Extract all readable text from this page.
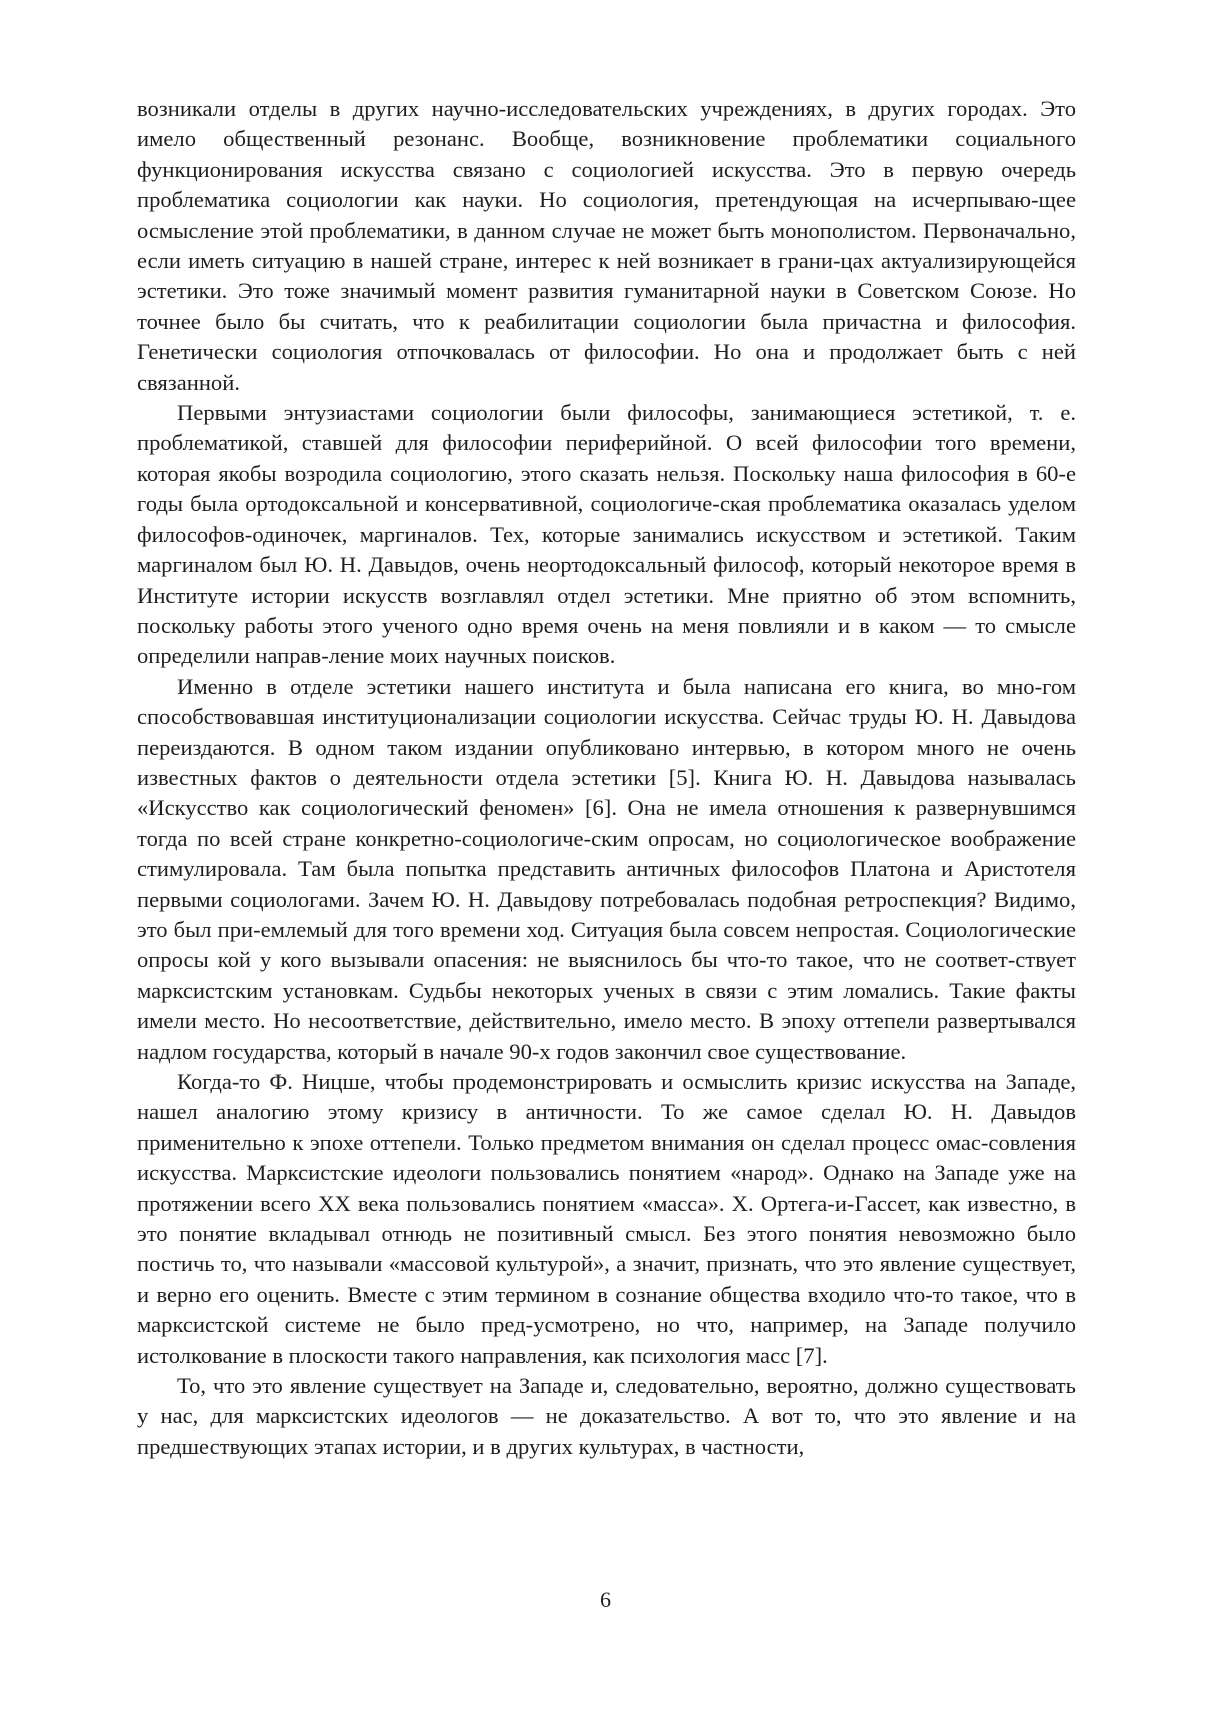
возникали отделы в других научно-исследовательских учреждениях, в других городах. Это имело общественный резонанс. Вообще, возникновение проблематики социального функционирования искусства связано с социологией искусства. Это в первую очередь проблематика социологии как науки. Но социология, претендующая на исчерпываю-щее осмысление этой проблематики, в данном случае не может быть монополистом. Первоначально, если иметь ситуацию в нашей стране, интерес к ней возникает в грани-цах актуализирующейся эстетики. Это тоже значимый момент развития гуманитарной науки в Советском Союзе. Но точнее было бы считать, что к реабилитации социологии была причастна и философия. Генетически социология отпочковалась от философии. Но она и продолжает быть с ней связанной.

Первыми энтузиастами социологии были философы, занимающиеся эстетикой, т. е. проблематикой, ставшей для философии периферийной. О всей философии того времени, которая якобы возродила социологию, этого сказать нельзя. Поскольку наша философия в 60-е годы была ортодоксальной и консервативной, социологиче-ская проблематика оказалась уделом философов-одиночек, маргиналов. Тех, которые занимались искусством и эстетикой. Таким маргиналом был Ю. Н. Давыдов, очень неортодоксальный философ, который некоторое время в Институте истории искусств возглавлял отдел эстетики. Мне приятно об этом вспомнить, поскольку работы этого ученого одно время очень на меня повлияли и в каком — то смысле определили направ-ление моих научных поисков.

Именно в отделе эстетики нашего института и была написана его книга, во мно-гом способствовавшая институционализации социологии искусства. Сейчас труды Ю. Н. Давыдова переиздаются. В одном таком издании опубликовано интервью, в котором много не очень известных фактов о деятельности отдела эстетики [5]. Книга Ю. Н. Давыдова называлась «Искусство как социологический феномен» [6]. Она не имела отношения к развернувшимся тогда по всей стране конкретно-социологиче-ским опросам, но социологическое воображение стимулировала. Там была попытка представить античных философов Платона и Аристотеля первыми социологами. Зачем Ю. Н. Давыдову потребовалась подобная ретроспекция? Видимо, это был при-емлемый для того времени ход. Ситуация была совсем непростая. Социологические опросы кой у кого вызывали опасения: не выяснилось бы что-то такое, что не соответ-ствует марксистским установкам. Судьбы некоторых ученых в связи с этим ломались. Такие факты имели место. Но несоответствие, действительно, имело место. В эпоху оттепели развертывался надлом государства, который в начале 90-х годов закончил свое существование.

Когда-то Ф. Ницше, чтобы продемонстрировать и осмыслить кризис искусства на Западе, нашел аналогию этому кризису в античности. То же самое сделал Ю. Н. Давыдов применительно к эпохе оттепели. Только предметом внимания он сделал процесс омас-совления искусства. Марксистские идеологи пользовались понятием «народ». Однако на Западе уже на протяжении всего XX века пользовались понятием «масса». Х. Ортега-и-Гассет, как известно, в это понятие вкладывал отнюдь не позитивный смысл. Без этого понятия невозможно было постичь то, что называли «массовой культурой», а значит, признать, что это явление существует, и верно его оценить. Вместе с этим термином в сознание общества входило что-то такое, что в марксистской системе не было пред-усмотрено, но что, например, на Западе получило истолкование в плоскости такого направления, как психология масс [7].

То, что это явление существует на Западе и, следовательно, вероятно, должно существовать у нас, для марксистских идеологов — не доказательство. А вот то, что это явление и на предшествующих этапах истории, и в других культурах, в частности,

6
